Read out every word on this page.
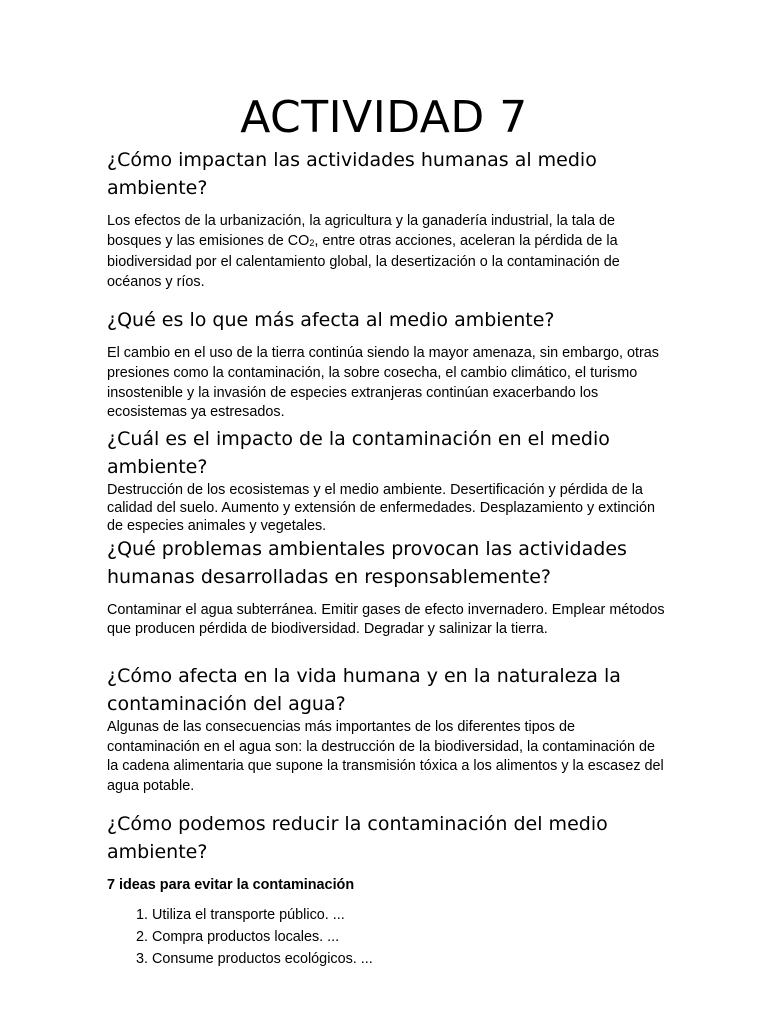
ACTIVIDAD 7

¿Cómo impactan las actividades humanas al medio ambiente?

Los efectos de la urbanización, la agricultura y la ganadería industrial, la tala de bosques y las emisiones de $CO_2$, entre otras acciones, aceleran la pérdida de la biodiversidad por el calentamiento global, la desertización o la contaminación de océanos y ríos.

¿Qué es lo que más afecta al medio ambiente?

El cambio en el uso de la tierra continúa siendo la mayor amenaza, sin embargo, otras presiones como la contaminación, la sobre cosecha, el cambio climático, el turismo insostenible y la invasión de especies extranjeras continúan exacerbando los ecosistemas ya estresados.

¿Cuál es el impacto de la contaminación en el medio ambiente?

Destrucción de los ecosistemas y el medio ambiente. Desertificación y pérdida de la calidad del suelo. Aumento y extensión de enfermedades. Desplazamiento y extinción de especies animales y vegetales.

¿Qué problemas ambientales provocan las actividades humanas desarrolladas en responsablemente?

Contaminar el agua subterránea. Emitir gases de efecto invernadero. Emplear métodos que producen pérdida de biodiversidad. Degradar y salinizar la tierra.

¿Cómo afecta en la vida humana y en la naturaleza la contaminación del agua?

Algunas de las consecuencias más importantes de los diferentes tipos de contaminación en el agua son: la destrucción de la biodiversidad, la contaminación de la cadena alimentaria que supone la transmisión tóxica a los alimentos y la escasez del agua potable.

¿Cómo podemos reducir la contaminación del medio ambiente?

7 ideas para evitar la contaminación

1. Utiliza el transporte público. ...
2. Compra productos locales. ...
3. Consume productos ecológicos. ...
